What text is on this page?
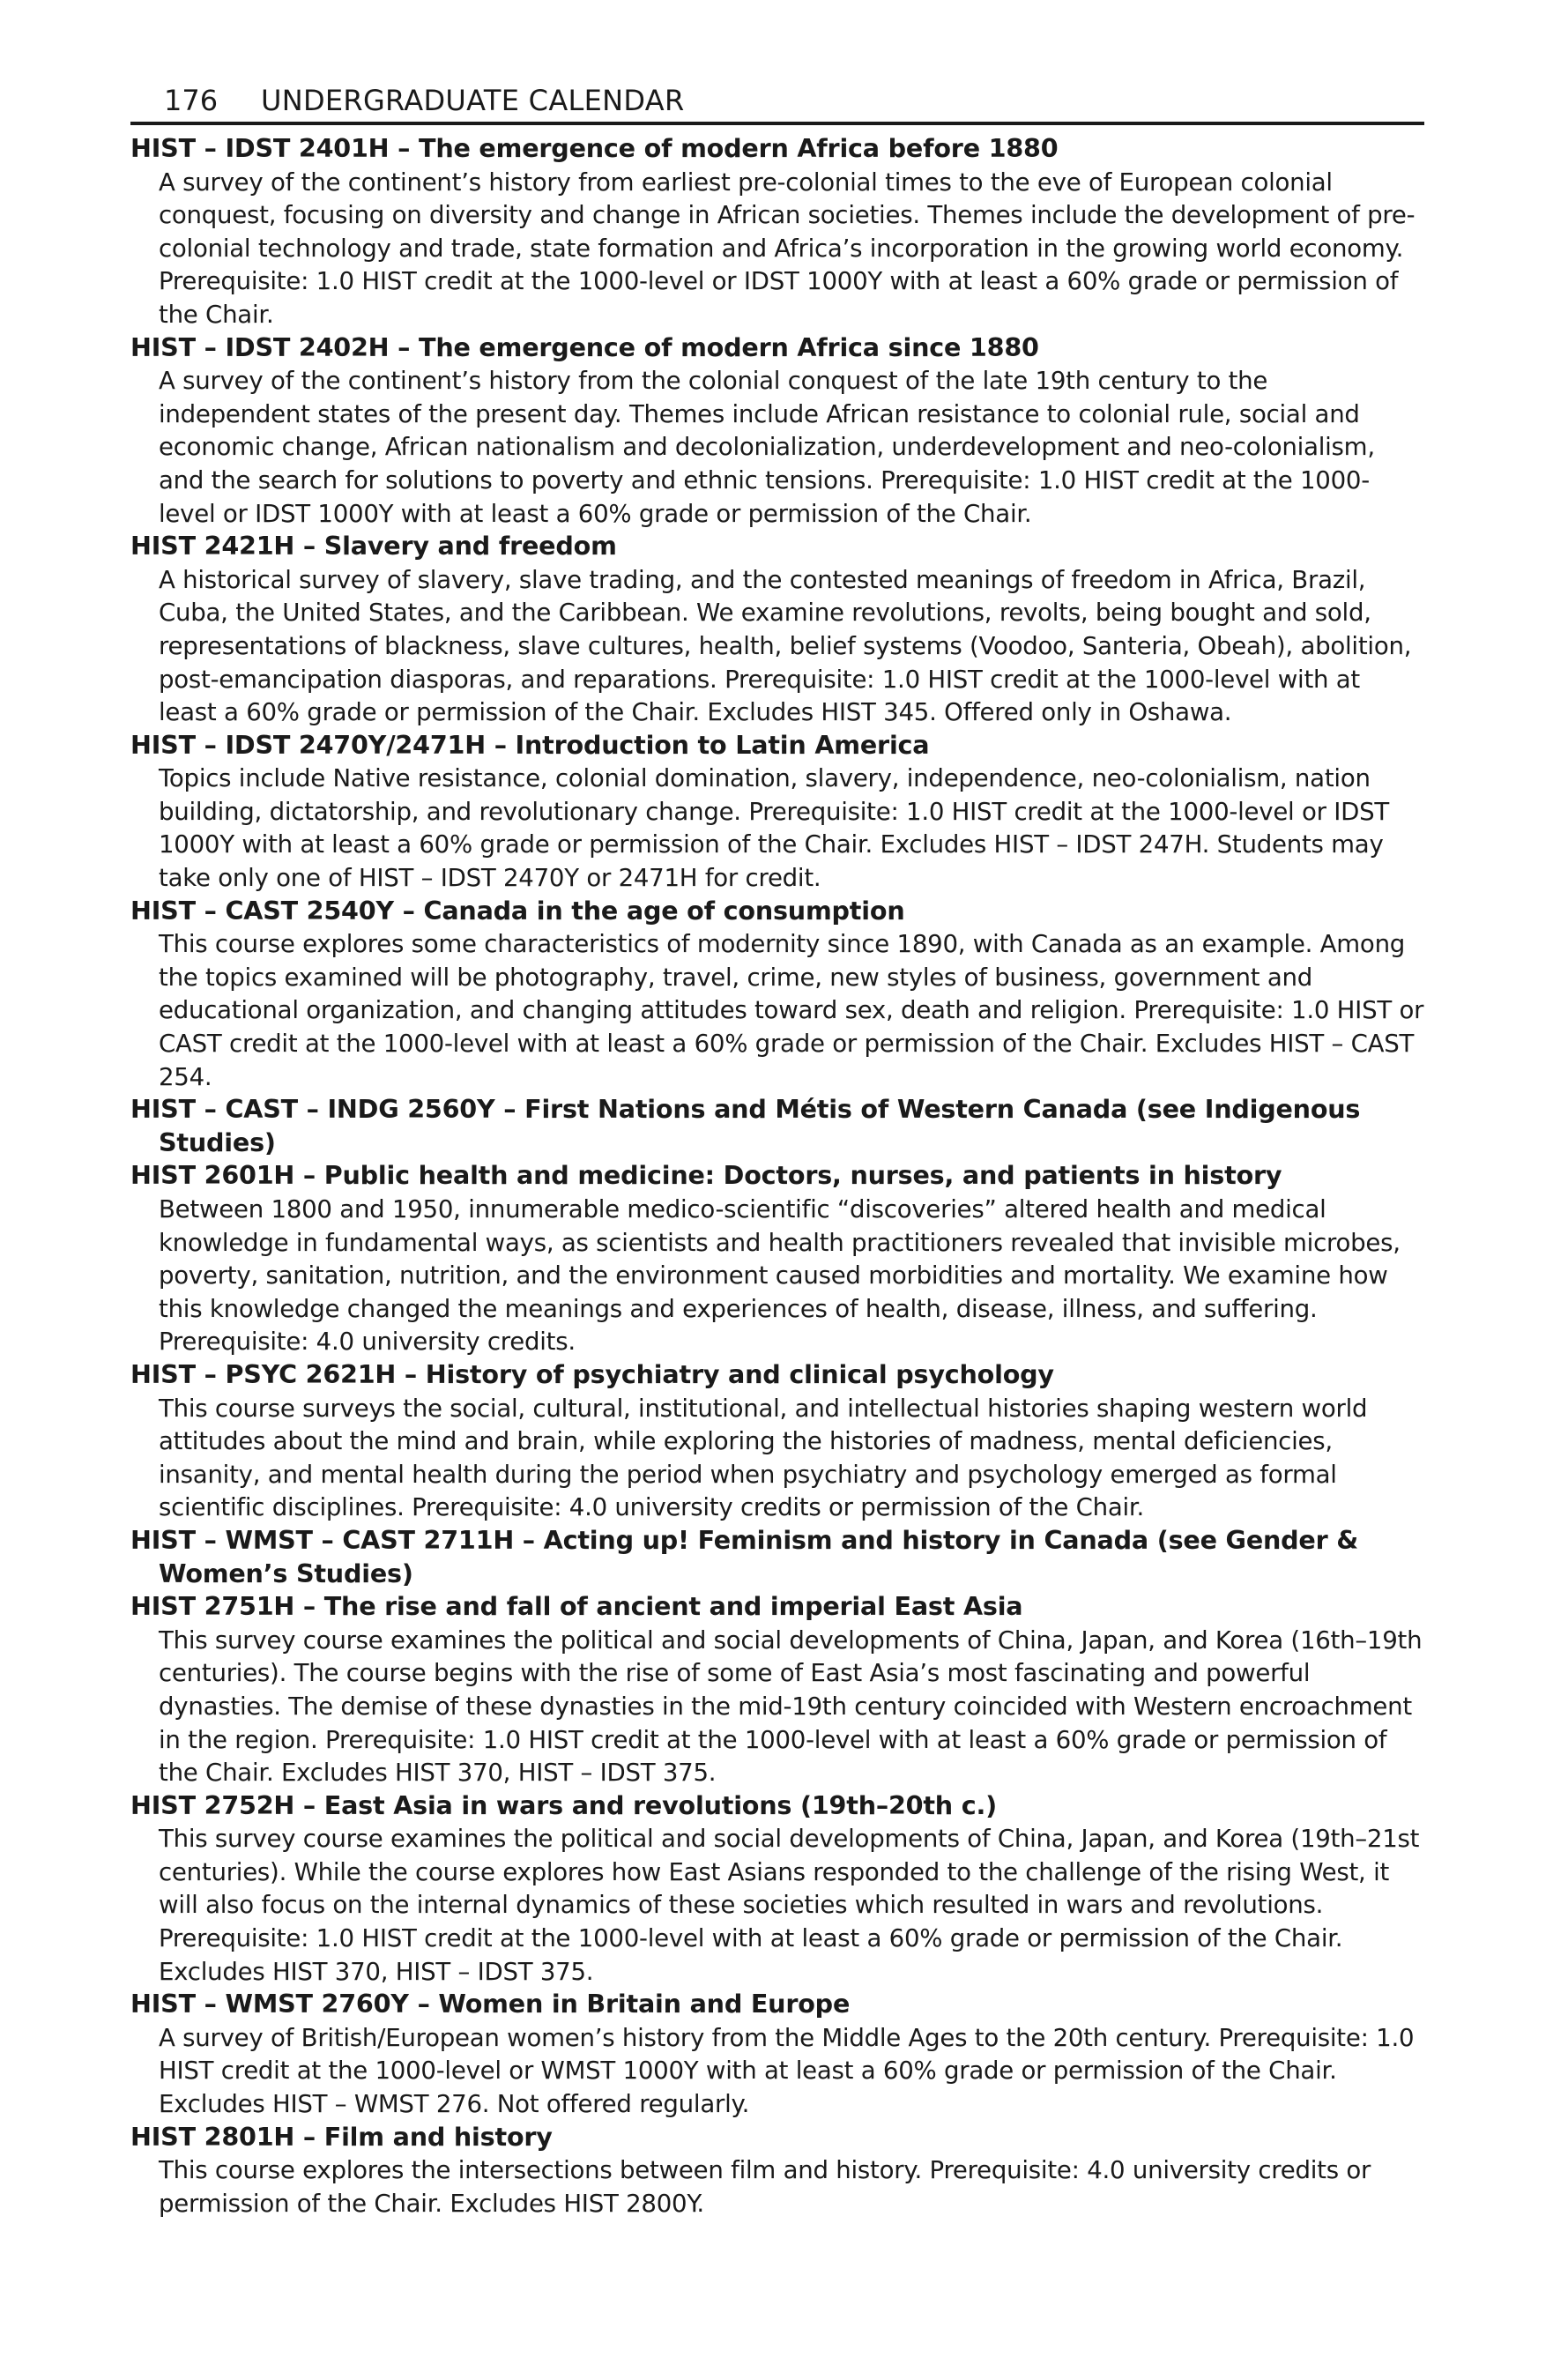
176	UNDERGRADUATE CALENDAR
HIST – IDST 2401H – The emergence of modern Africa before 1880
A survey of the continent’s history from earliest pre-colonial times to the eve of European colonial conquest, focusing on diversity and change in African societies. Themes include the development of pre-colonial technology and trade, state formation and Africa’s incorporation in the growing world economy. Prerequisite: 1.0 HIST credit at the 1000-level or IDST 1000Y with at least a 60% grade or permission of the Chair.
HIST – IDST 2402H – The emergence of modern Africa since 1880
A survey of the continent’s history from the colonial conquest of the late 19th century to the independent states of the present day. Themes include African resistance to colonial rule, social and economic change, African nationalism and decolonialization, underdevelopment and neo-colonialism, and the search for solutions to poverty and ethnic tensions. Prerequisite: 1.0 HIST credit at the 1000-level or IDST 1000Y with at least a 60% grade or permission of the Chair.
HIST 2421H – Slavery and freedom
A historical survey of slavery, slave trading, and the contested meanings of freedom in Africa, Brazil, Cuba, the United States, and the Caribbean. We examine revolutions, revolts, being bought and sold, representations of blackness, slave cultures, health, belief systems (Voodoo, Santeria, Obeah), abolition, post-emancipation diasporas, and reparations. Prerequisite: 1.0 HIST credit at the 1000-level with at least a 60% grade or permission of the Chair. Excludes HIST 345. Offered only in Oshawa.
HIST – IDST 2470Y/2471H – Introduction to Latin America
Topics include Native resistance, colonial domination, slavery, independence, neo-colonialism, nation building, dictatorship, and revolutionary change. Prerequisite: 1.0 HIST credit at the 1000-level or IDST 1000Y with at least a 60% grade or permission of the Chair. Excludes HIST – IDST 247H. Students may take only one of HIST – IDST 2470Y or 2471H for credit.
HIST – CAST 2540Y – Canada in the age of consumption
This course explores some characteristics of modernity since 1890, with Canada as an example. Among the topics examined will be photography, travel, crime, new styles of business, government and educational organization, and changing attitudes toward sex, death and religion. Prerequisite: 1.0 HIST or CAST credit at the 1000-level with at least a 60% grade or permission of the Chair. Excludes HIST – CAST 254.
HIST – CAST – INDG 2560Y – First Nations and Métis of Western Canada (see Indigenous Studies)
HIST 2601H – Public health and medicine: Doctors, nurses, and patients in history
Between 1800 and 1950, innumerable medico-scientific “discoveries” altered health and medical knowledge in fundamental ways, as scientists and health practitioners revealed that invisible microbes, poverty, sanitation, nutrition, and the environment caused morbidities and mortality. We examine how this knowledge changed the meanings and experiences of health, disease, illness, and suffering. Prerequisite: 4.0 university credits.
HIST – PSYC 2621H – History of psychiatry and clinical psychology
This course surveys the social, cultural, institutional, and intellectual histories shaping western world attitudes about the mind and brain, while exploring the histories of madness, mental deficiencies, insanity, and mental health during the period when psychiatry and psychology emerged as formal scientific disciplines. Prerequisite: 4.0 university credits or permission of the Chair.
HIST – WMST – CAST 2711H – Acting up! Feminism and history in Canada (see Gender & Women’s Studies)
HIST 2751H – The rise and fall of ancient and imperial East Asia
This survey course examines the political and social developments of China, Japan, and Korea (16th–19th centuries). The course begins with the rise of some of East Asia’s most fascinating and powerful dynasties. The demise of these dynasties in the mid-19th century coincided with Western encroachment in the region. Prerequisite: 1.0 HIST credit at the 1000-level with at least a 60% grade or permission of the Chair. Excludes HIST 370, HIST – IDST 375.
HIST 2752H – East Asia in wars and revolutions (19th–20th c.)
This survey course examines the political and social developments of China, Japan, and Korea (19th–21st centuries). While the course explores how East Asians responded to the challenge of the rising West, it will also focus on the internal dynamics of these societies which resulted in wars and revolutions. Prerequisite: 1.0 HIST credit at the 1000-level with at least a 60% grade or permission of the Chair. Excludes HIST 370, HIST – IDST 375.
HIST – WMST 2760Y – Women in Britain and Europe
A survey of British/European women’s history from the Middle Ages to the 20th century. Prerequisite: 1.0 HIST credit at the 1000-level or WMST 1000Y with at least a 60% grade or permission of the Chair. Excludes HIST – WMST 276. Not offered regularly.
HIST 2801H – Film and history
This course explores the intersections between film and history. Prerequisite: 4.0 university credits or permission of the Chair. Excludes HIST 2800Y.
